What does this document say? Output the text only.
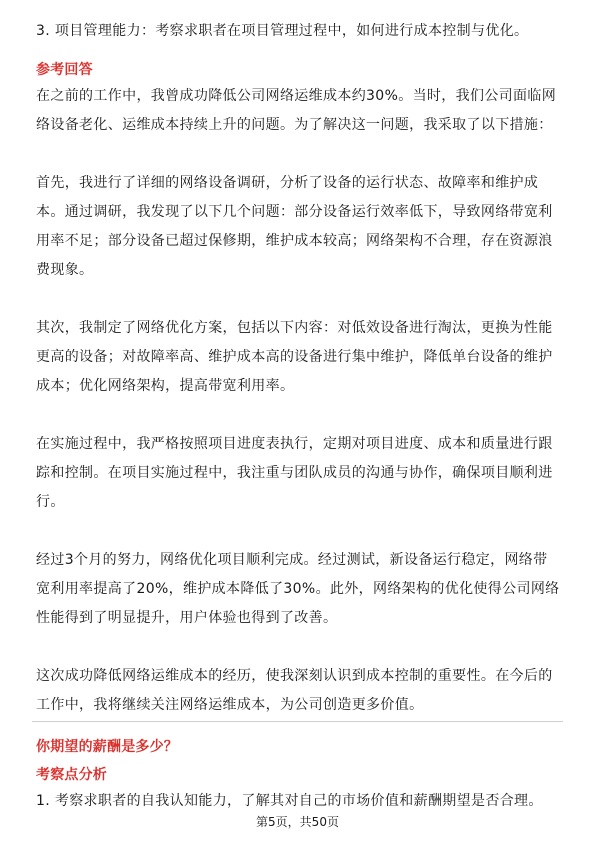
3. 项目管理能力：考察求职者在项目管理过程中，如何进行成本控制与优化。
参考回答
在之前的工作中，我曾成功降低公司网络运维成本约30%。当时，我们公司面临网
络设备老化、运维成本持续上升的问题。为了解决这一问题，我采取了以下措施：
首先，我进行了详细的网络设备调研，分析了设备的运行状态、故障率和维护成
本。通过调研，我发现了以下几个问题：部分设备运行效率低下，导致网络带宽利
用率不足；部分设备已超过保修期，维护成本较高；网络架构不合理，存在资源浪
费现象。
其次，我制定了网络优化方案，包括以下内容：对低效设备进行淘汰，更换为性能
更高的设备；对故障率高、维护成本高的设备进行集中维护，降低单台设备的维护
成本；优化网络架构，提高带宽利用率。
在实施过程中，我严格按照项目进度表执行，定期对项目进度、成本和质量进行跟
踪和控制。在项目实施过程中，我注重与团队成员的沟通与协作，确保项目顺利进
行。
经过3个月的努力，网络优化项目顺利完成。经过测试，新设备运行稳定，网络带
宽利用率提高了20%，维护成本降低了30%。此外，网络架构的优化使得公司网络
性能得到了明显提升，用户体验也得到了改善。
这次成功降低网络运维成本的经历，使我深刻认识到成本控制的重要性。在今后的
工作中，我将继续关注网络运维成本，为公司创造更多价值。
你期望的薪酬是多少？
考察点分析
1. 考察求职者的自我认知能力，了解其对自己的市场价值和薪酬期望是否合理。
第5页，共50页
